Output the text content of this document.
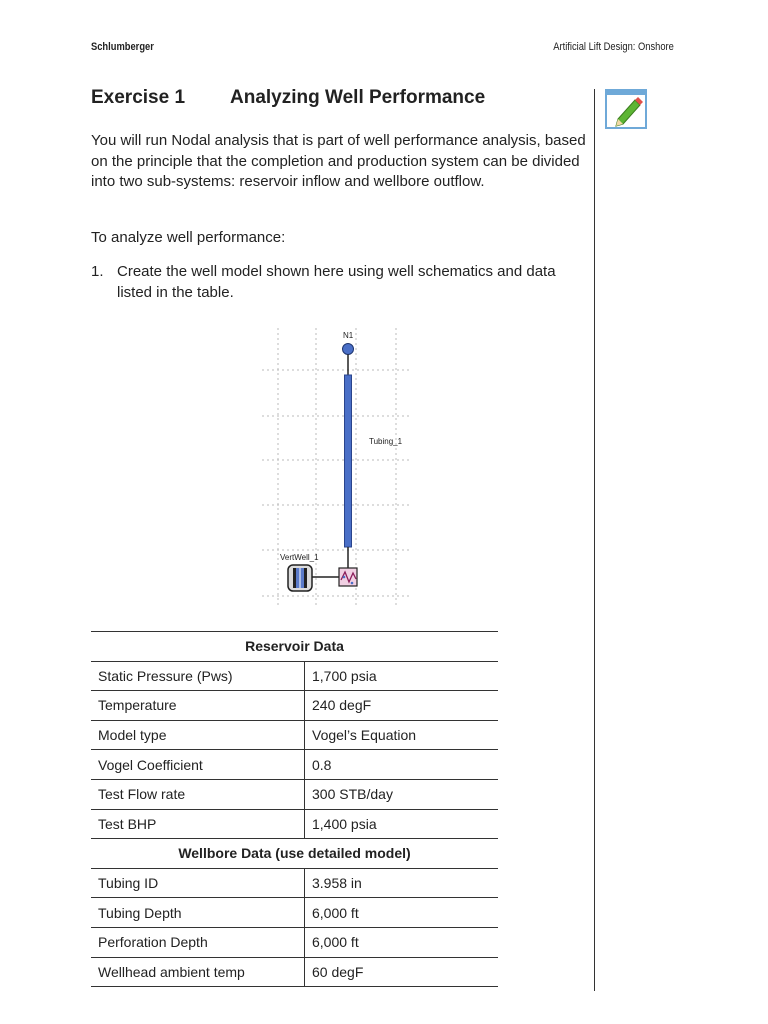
Schlumberger	Artificial Lift Design: Onshore
Exercise 1 Analyzing Well Performance
You will run Nodal analysis that is part of well performance analysis, based on the principle that the completion and production system can be divided into two sub-systems: reservoir inflow and wellbore outflow.
To analyze well performance:
1. Create the well model shown here using well schematics and data listed in the table.
N1
Tubing_1
VertWell_1
Reservoir Data	
Static Pressure (Pws)	1,700 psia
Temperature	240 degF
Model type	Vogel’s Equation
Vogel Coefficient	0.8
Test Flow rate	300 STB/day
Test BHP	1,400 psia
Wellbore Data (use detailed model)	
Tubing ID	3.958 in
Tubing Depth	6,000 ft
Perforation Depth	6,000 ft
Wellhead ambient temp	60 degF
